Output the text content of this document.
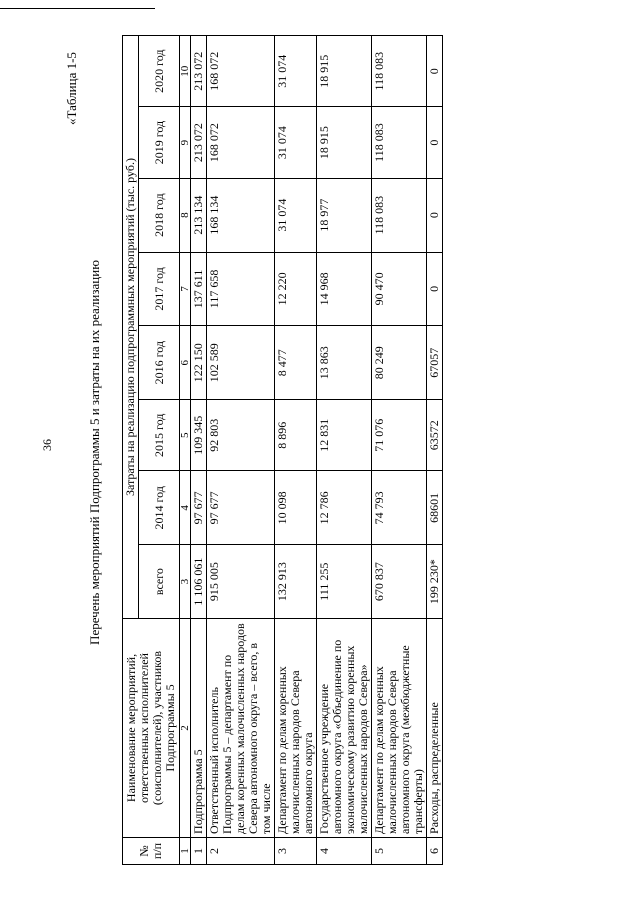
36
«Таблица 1-5
Перечень мероприятий Подпрограммы 5 и затраты на их реализацию
№ п/п	Наименование мероприятий, ответственных исполнителей (соисполнителей), участников Подпрограммы 5	Затраты на реализацию подпрограммных мероприятий (тыс. руб.)							
		всего	2014 год	2015 год	2016 год	2017 год	2018 год	2019 год	2020 год
1	2	3	4	5	6	7	8	9	10
1	Подпрограмма 5	1 106 061	97 677	109 345	122 150	137 611	213 134	213 072	213 072
2	Ответственный исполнитель Подпрограммы 5 – департамент по делам коренных малочисленных народов Севера автономного округа – всего, в том числе	915 005	97 677	92 803	102 589	117 658	168 134	168 072	168 072
3	Департамент по делам коренных малочисленных народов Севера автономного округа	132 913	10 098	8 896	8 477	12 220	31 074	31 074	31 074
4	Государственное учреждение автономного округа «Объединение по экономическому развитию коренных малочисленных народов Севера»	111 255	12 786	12 831	13 863	14 968	18 977	18 915	18 915
5	Департамент по делам коренных малочисленных народов Севера автономного округа (межбюджетные трансферты)	670 837	74 793	71 076	80 249	90 470	118 083	118 083	118 083
6	Расходы, распределенные	199 230*	68601	63572	67057	0	0	0	0
